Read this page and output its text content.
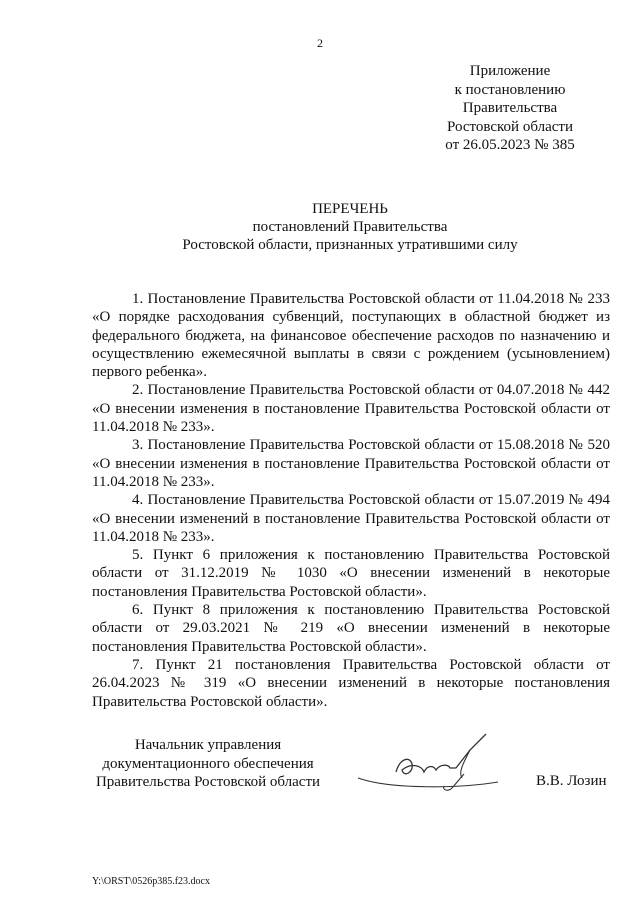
2
Приложение
к постановлению
Правительства
Ростовской области
от 26.05.2023 № 385
ПЕРЕЧЕНЬ
постановлений Правительства
Ростовской области, признанных утратившими силу

1. Постановление Правительства Ростовской области от 11.04.2018 № 233 «О порядке расходования субвенций, поступающих в областной бюджет из федерального бюджета, на финансовое обеспечение расходов по назначению и осуществлению ежемесячной выплаты в связи с рождением (усыновлением) первого ребенка».

2. Постановление Правительства Ростовской области от 04.07.2018 № 442 «О внесении изменения в постановление Правительства Ростовской области от 11.04.2018 № 233».

3. Постановление Правительства Ростовской области от 15.08.2018 № 520 «О внесении изменения в постановление Правительства Ростовской области от 11.04.2018 № 233».

4. Постановление Правительства Ростовской области от 15.07.2019 № 494 «О внесении изменений в постановление Правительства Ростовской области от 11.04.2018 № 233».

5. Пункт 6 приложения к постановлению Правительства Ростовской области от 31.12.2019 № 1030 «О внесении изменений в некоторые постановления Правительства Ростовской области».

6. Пункт 8 приложения к постановлению Правительства Ростовской области от 29.03.2021 № 219 «О внесении изменений в некоторые постановления Правительства Ростовской области».

7. Пункт 21 постановления Правительства Ростовской области от 26.04.2023 № 319 «О внесении изменений в некоторые постановления Правительства Ростовской области».

Начальник управления
документационного обеспечения
Правительства Ростовской области	В.В. Лозин
Y:\ORST\0526p385.f23.docx
